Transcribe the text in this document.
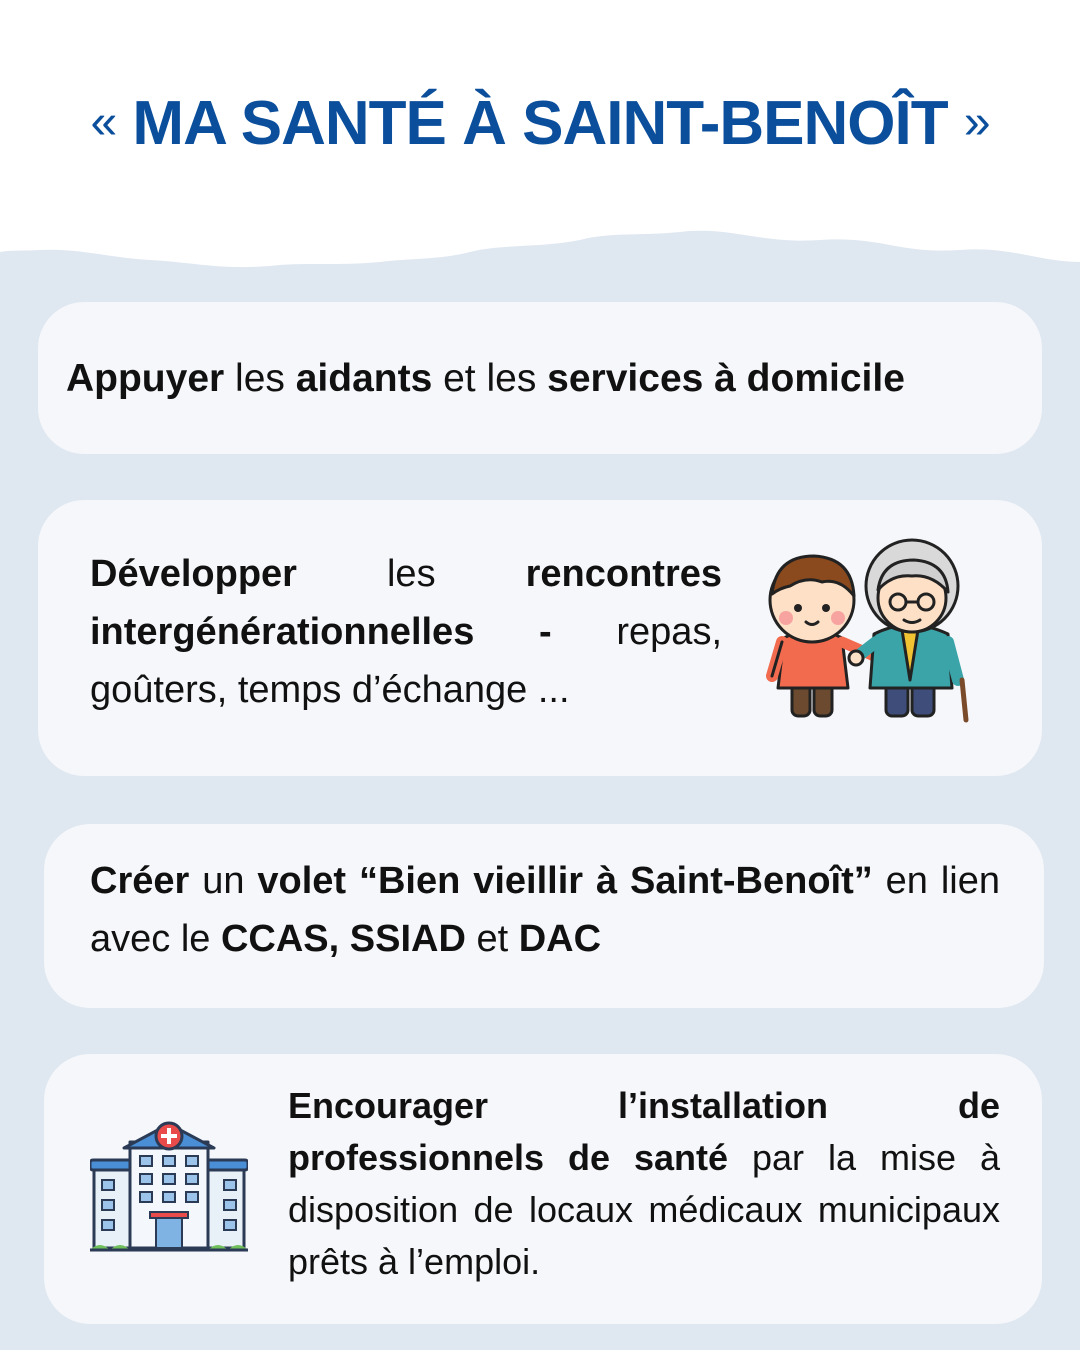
« MA SANTÉ À SAINT-BENOÎT »
Appuyer les aidants et les services à domicile
Développer les rencontres intergénérationnelles - repas, goûters, temps d’échange ...
Créer un volet “Bien vieillir à Saint-Benoît” en lien avec le CCAS, SSIAD et DAC
Encourager l’installation de professionnels de santé par la mise à disposition de locaux médicaux municipaux prêts à l’emploi.
